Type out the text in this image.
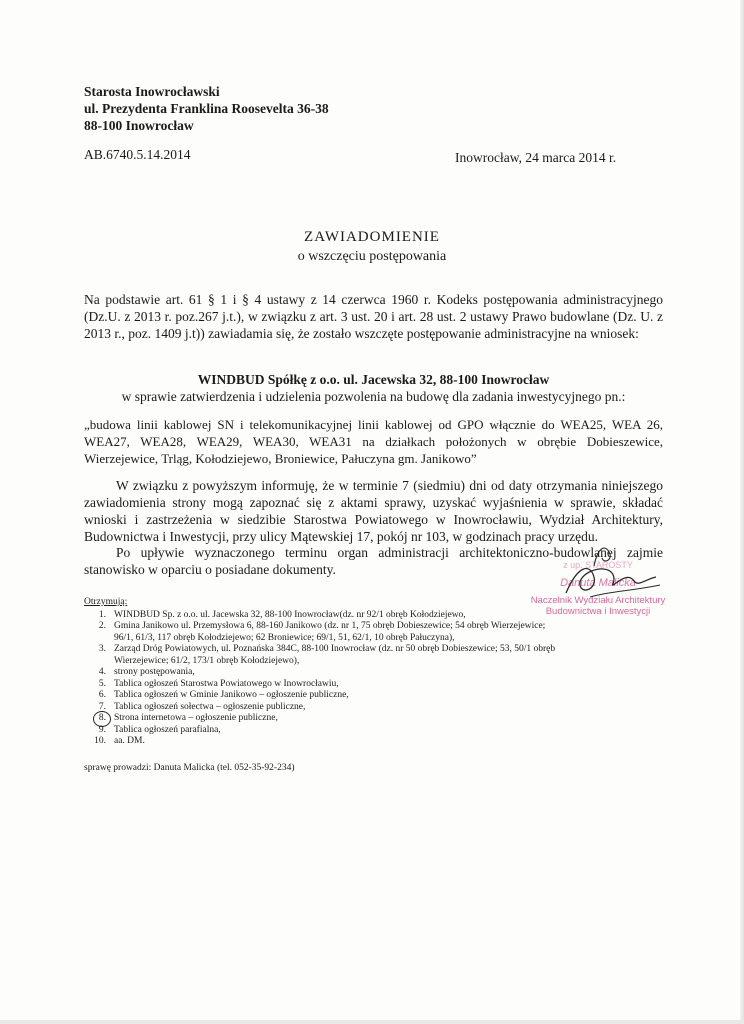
Starosta Inowrocławski
ul. Prezydenta Franklina Roosevelta 36-38
88-100 Inowrocław
AB.6740.5.14.2014	Inowrocław, 24 marca 2014 r.
ZAWIADOMIENIE
o wszczęciu postępowania
Na podstawie art. 61 § 1 i § 4 ustawy z 14 czerwca 1960 r. Kodeks postępowania administracyjnego (Dz.U. z 2013 r. poz.267 j.t.), w związku z art. 3 ust. 20 i art. 28 ust. 2 ustawy Prawo budowlane (Dz. U. z 2013 r., poz. 1409 j.t)) zawiadamia się, że zostało wszczęte postępowanie administracyjne na wniosek:
WINDBUD Spółkę z o.o. ul. Jacewska 32, 88-100 Inowrocław
w sprawie zatwierdzenia i udzielenia pozwolenia na budowę dla zadania inwestycyjnego pn.:
„budowa linii kablowej SN i telekomunikacyjnej linii kablowej od GPO włącznie do WEA25, WEA 26, WEA27, WEA28, WEA29, WEA30, WEA31 na działkach położonych w obrębie Dobieszewice, Wierzejewice, Trląg, Kołodziejewo, Broniewice, Pałuczyna gm. Janikowo”
W związku z powyższym informuję, że w terminie 7 (siedmiu) dni od daty otrzymania niniejszego zawiadomienia strony mogą zapoznać się z aktami sprawy, uzyskać wyjaśnienia w sprawie, składać wnioski i zastrzeżenia w siedzibie Starostwa Powiatowego w Inowrocławiu, Wydział Architektury, Budownictwa i Inwestycji, przy ulicy Mątewskiej 17, pokój nr 103, w godzinach pracy urzędu.
Po upływie wyznaczonego terminu organ administracji architektoniczno-budowlanej zajmie stanowisko w oparciu o posiadane dokumenty.	z up. STAROSTY
Danuta Malicka
Naczelnik Wydziału Architektury
Budownictwa i Inwestycji
Otrzymują:
1. WINDBUD Sp. z o.o. ul. Jacewska 32, 88-100 Inowrocław(dz. nr 92/1 obręb Kołodziejewo,
2. Gmina Janikowo ul. Przemysłowa 6, 88-160 Janikowo (dz. nr 1, 75 obręb Dobieszewice; 54 obręb Wierzejewice; 96/1, 61/3, 117 obręb Kołodziejewo; 62 Broniewice; 69/1, 51, 62/1, 10 obręb Pałuczyna),
3. Zarząd Dróg Powiatowych, ul. Poznańska 384C, 88-100 Inowrocław (dz. nr 50 obręb Dobieszewice; 53, 50/1 obręb Wierzejewice; 61/2, 173/1 obręb Kołodziejewo),
4. strony postępowania,
5. Tablica ogłoszeń Starostwa Powiatowego w Inowrocławiu,
6. Tablica ogłoszeń w Gminie Janikowo – ogłoszenie publiczne,
7. Tablica ogłoszeń sołectwa – ogłoszenie publiczne,
8. Strona internetowa – ogłoszenie publiczne,
9. Tablica ogłoszeń parafialna,
10. aa. DM.
sprawę prowadzi: Danuta Malicka (tel. 052-35-92-234)
